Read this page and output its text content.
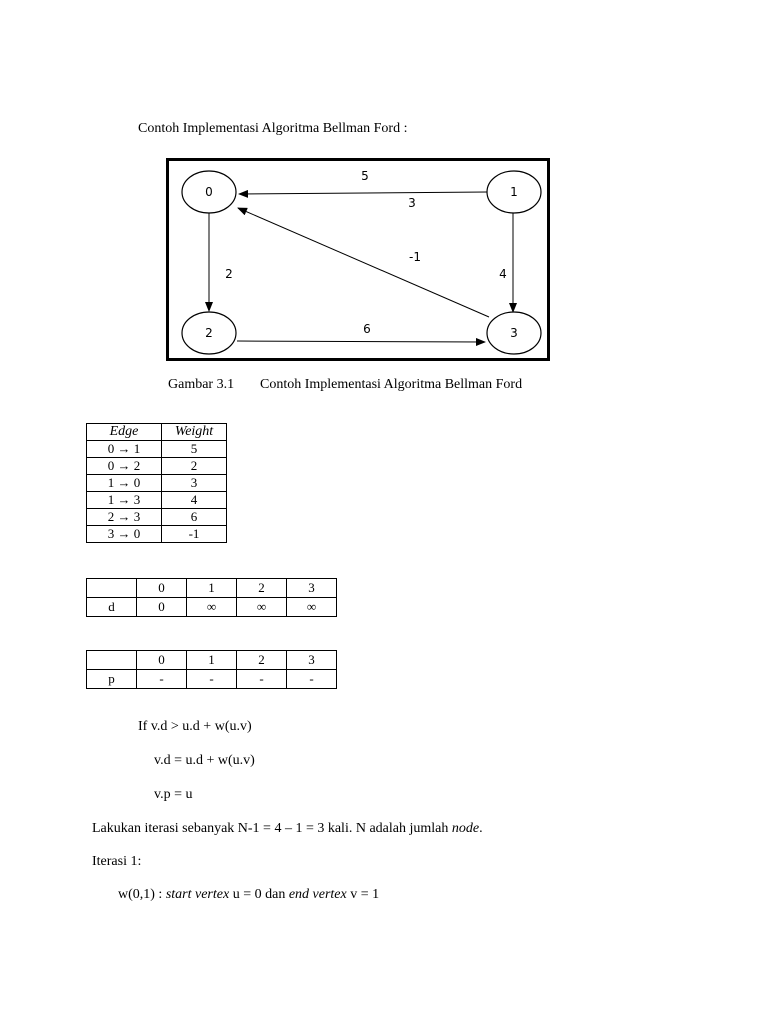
Contoh Implementasi Algoritma Bellman Ford :
0	1
2	3
5
3
-1
2	4
6
Gambar 3.1 Contoh Implementasi Algoritma Bellman Ford
Edge	Weight
0 → 1	5
0 → 2	2
1 → 0	3
1 → 3	4
2 → 3	6
3 → 0	-1
	0	1	2	3
d	0	∞	∞	∞
	0	1	2	3
p	-	-	-	-
If v.d > u.d + w(u.v)
v.d = u.d + w(u.v)
v.p = u
Lakukan iterasi sebanyak N-1 = 4 – 1 = 3 kali. N adalah jumlah node.
Iterasi 1:
w(0,1) : start vertex u = 0 dan end vertex v = 1
